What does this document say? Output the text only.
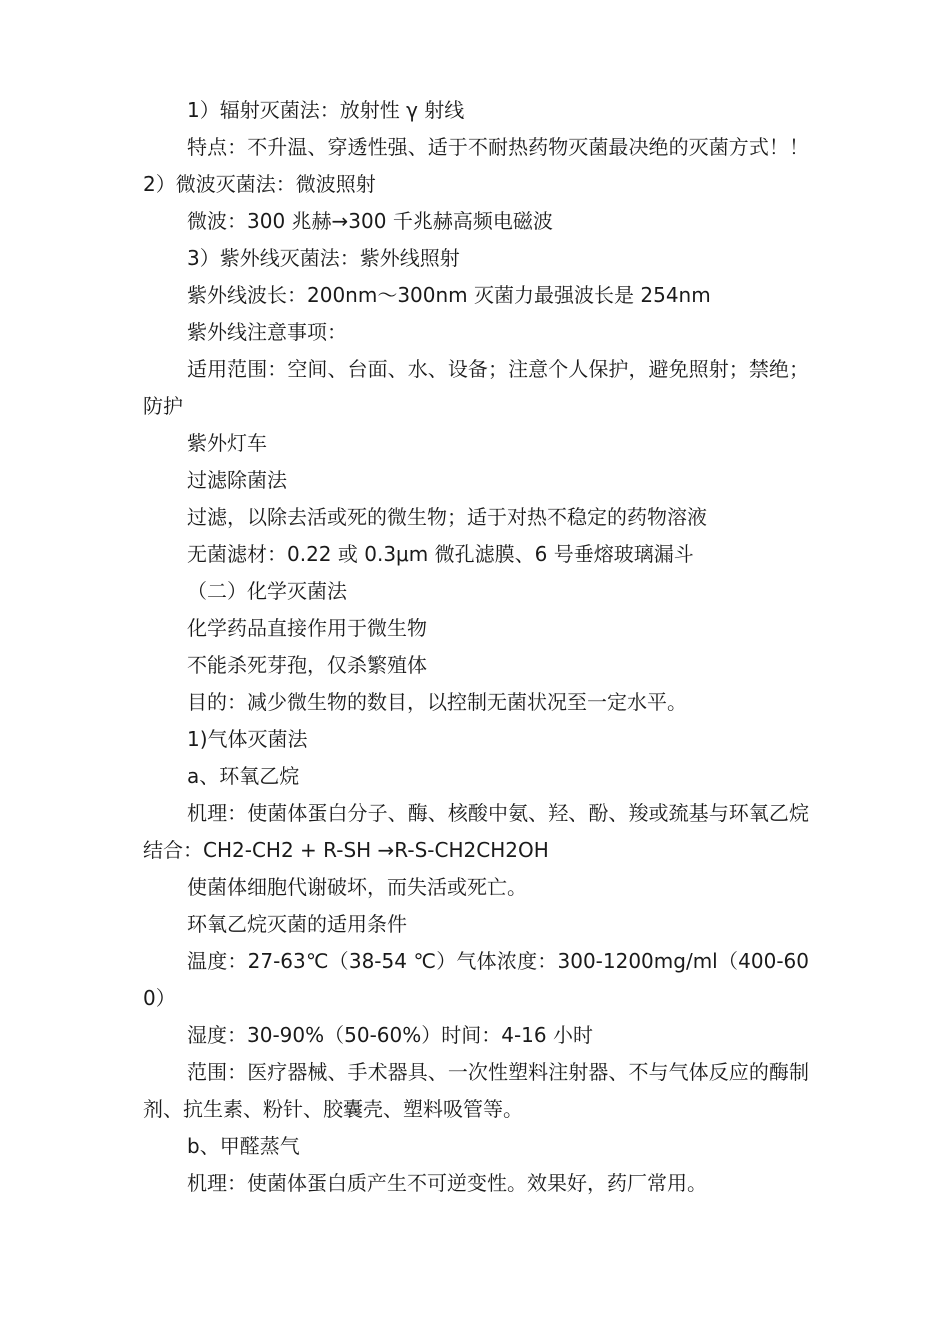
1）辐射灭菌法：放射性 γ 射线

特点：不升温、穿透性强、适于不耐热药物灭菌最决绝的灭菌方式！！2）微波灭菌法：微波照射

微波：300 兆赫→300 千兆赫高频电磁波

3）紫外线灭菌法：紫外线照射

紫外线波长：200nm～300nm 灭菌力最强波长是 254nm

紫外线注意事项：

适用范围：空间、台面、水、设备；注意个人保护，避免照射；禁绝；防护

紫外灯车

过滤除菌法

过滤，以除去活或死的微生物；适于对热不稳定的药物溶液

无菌滤材：0.22 或 0.3μm 微孔滤膜、6 号垂熔玻璃漏斗

（二）化学灭菌法

化学药品直接作用于微生物

不能杀死芽孢，仅杀繁殖体

目的：减少微生物的数目，以控制无菌状况至一定水平。

1)气体灭菌法

a、环氧乙烷

机理：使菌体蛋白分子、酶、核酸中氨、羟、酚、羧或巯基与环氧乙烷结合：CH2-CH2 + R-SH →R-S-CH2CH2OH

使菌体细胞代谢破坏，而失活或死亡。

环氧乙烷灭菌的适用条件

温度：27-63℃（38-54 ℃）气体浓度：300-1200mg/ml（400-600）

湿度：30-90%（50-60%）时间：4-16 小时

范围：医疗器械、手术器具、一次性塑料注射器、不与气体反应的酶制剂、抗生素、粉针、胶囊壳、塑料吸管等。

b、甲醛蒸气

机理：使菌体蛋白质产生不可逆变性。效果好，药厂常用。
